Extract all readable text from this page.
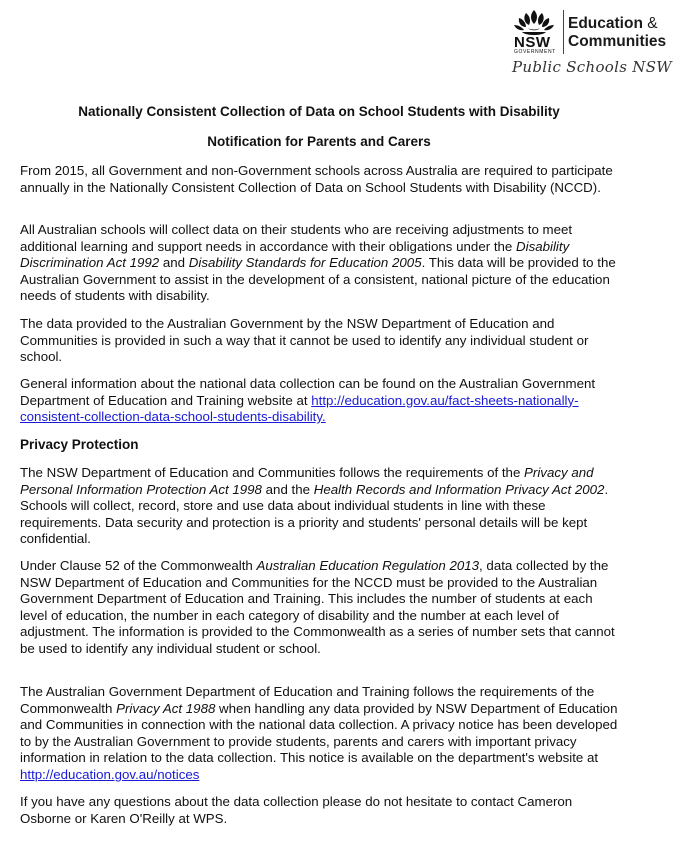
NSW
GOVERNMENT
Education &
Communities
Public Schools NSW

Nationally Consistent Collection of Data on School Students with Disability

Notification for Parents and Carers

From 2015, all Government and non-Government schools across Australia are required to participate annually in the Nationally Consistent Collection of Data on School Students with Disability (NCCD).

All Australian schools will collect data on their students who are receiving adjustments to meet additional learning and support needs in accordance with their obligations under the Disability Discrimination Act 1992 and Disability Standards for Education 2005. This data will be provided to the Australian Government to assist in the development of a consistent, national picture of the education needs of students with disability.

The data provided to the Australian Government by the NSW Department of Education and Communities is provided in such a way that it cannot be used to identify any individual student or school.

General information about the national data collection can be found on the Australian Government Department of Education and Training website at http://education.gov.au/fact-sheets-nationally-consistent-collection-data-school-students-disability.

Privacy Protection

The NSW Department of Education and Communities follows the requirements of the Privacy and Personal Information Protection Act 1998 and the Health Records and Information Privacy Act 2002. Schools will collect, record, store and use data about individual students in line with these requirements. Data security and protection is a priority and students' personal details will be kept confidential.

Under Clause 52 of the Commonwealth Australian Education Regulation 2013, data collected by the NSW Department of Education and Communities for the NCCD must be provided to the Australian Government Department of Education and Training. This includes the number of students at each level of education, the number in each category of disability and the number at each level of adjustment. The information is provided to the Commonwealth as a series of number sets that cannot be used to identify any individual student or school.

The Australian Government Department of Education and Training follows the requirements of the Commonwealth Privacy Act 1988 when handling any data provided by NSW Department of Education and Communities in connection with the national data collection. A privacy notice has been developed to by the Australian Government to provide students, parents and carers with important privacy information in relation to the data collection. This notice is available on the department's website at http://education.gov.au/notices

If you have any questions about the data collection please do not hesitate to contact Cameron Osborne or Karen O'Reilly at WPS.
